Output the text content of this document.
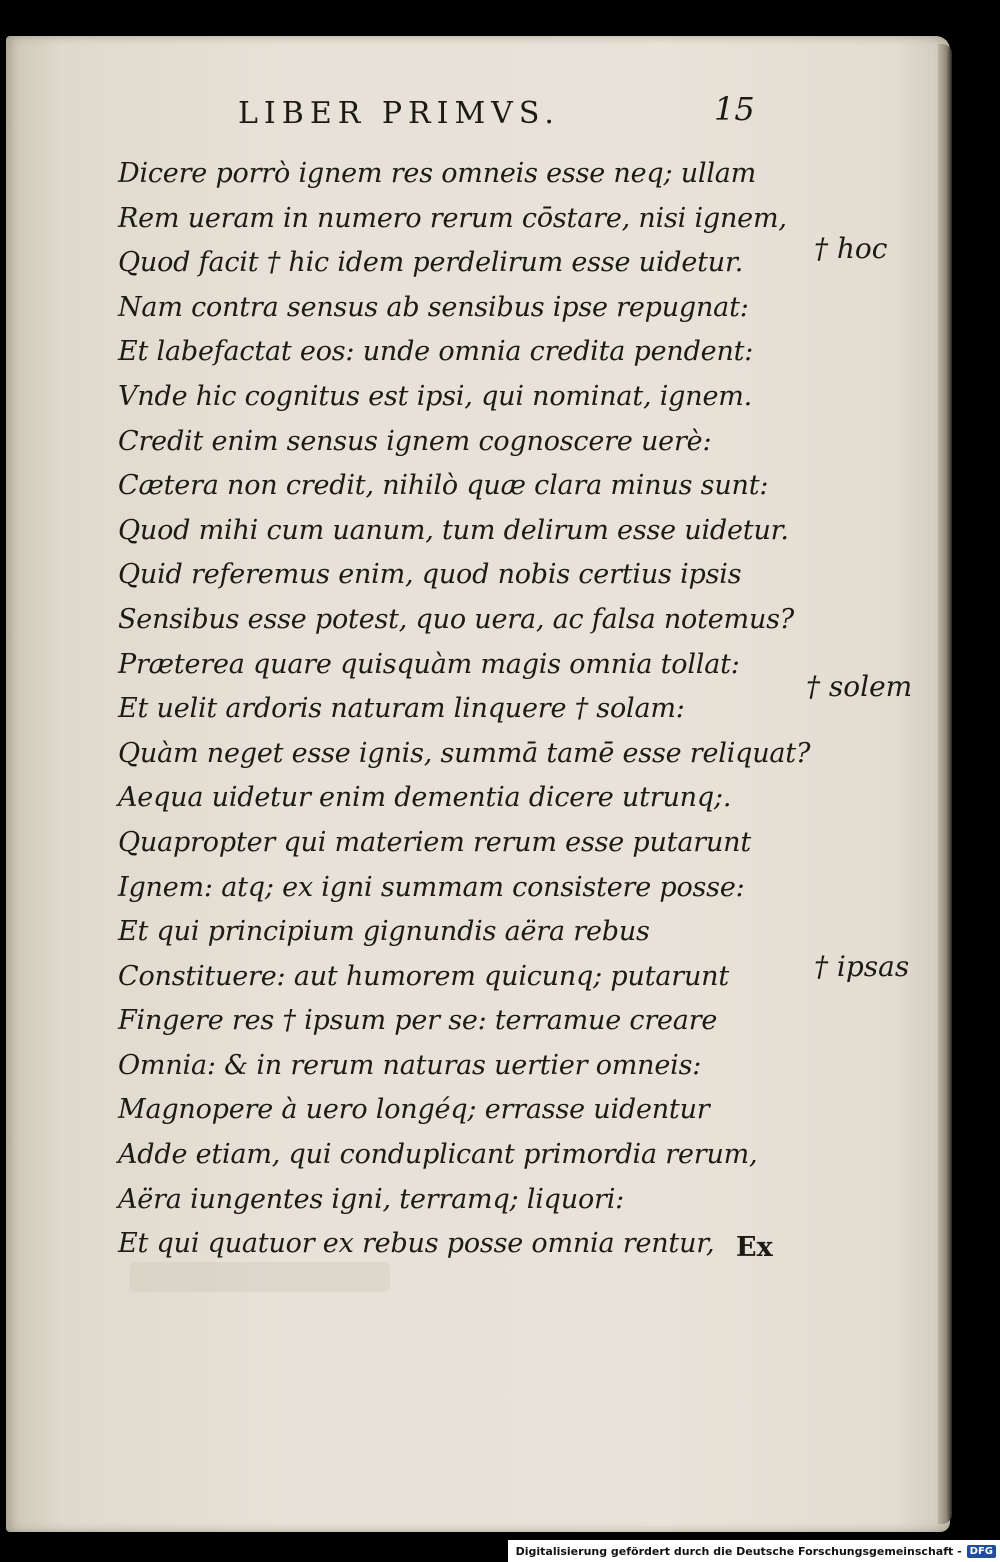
LIBER PRIMVS.	15
Dicere porrò ignem res omneis esse neq; ullam
Rem ueram in numero rerum cōstare, nisi ignem,
Quod facit † hic idem perdelirum esse uidetur.
Nam contra sensus ab sensibus ipse repugnat:
Et labefactat eos: unde omnia credita pendent:
Vnde hic cognitus est ipsi, qui nominat, ignem.
Credit enim sensus ignem cognoscere uerè:
Cætera non credit, nihilò quæ clara minus sunt:
Quod mihi cum uanum, tum delirum esse uidetur.
Quid referemus enim, quod nobis certius ipsis
Sensibus esse potest, quo uera, ac falsa notemus?
Præterea quare quisquàm magis omnia tollat:
Et uelit ardoris naturam linquere † solam:
Quàm neget esse ignis, summā tamē esse reliquat?
Aequa uidetur enim dementia dicere utrunq;.
Quapropter qui materiem rerum esse putarunt
Ignem: atq; ex igni summam consistere posse:
Et qui principium gignundis aëra rebus
Constituere: aut humorem quicunq; putarunt
Fingere res † ipsum per se: terramue creare
Omnia: & in rerum naturas uertier omneis:
Magnopere à uero longéq; errasse uidentur
Adde etiam, qui conduplicant primordia rerum,
Aëra iungentes igni, terramq; liquori:
Et qui quatuor ex rebus posse omnia rentur,
† hoc
† solem
† ipsas
Ex
Digitalisierung gefördert durch die Deutsche Forschungsgemeinschaft - DFG
